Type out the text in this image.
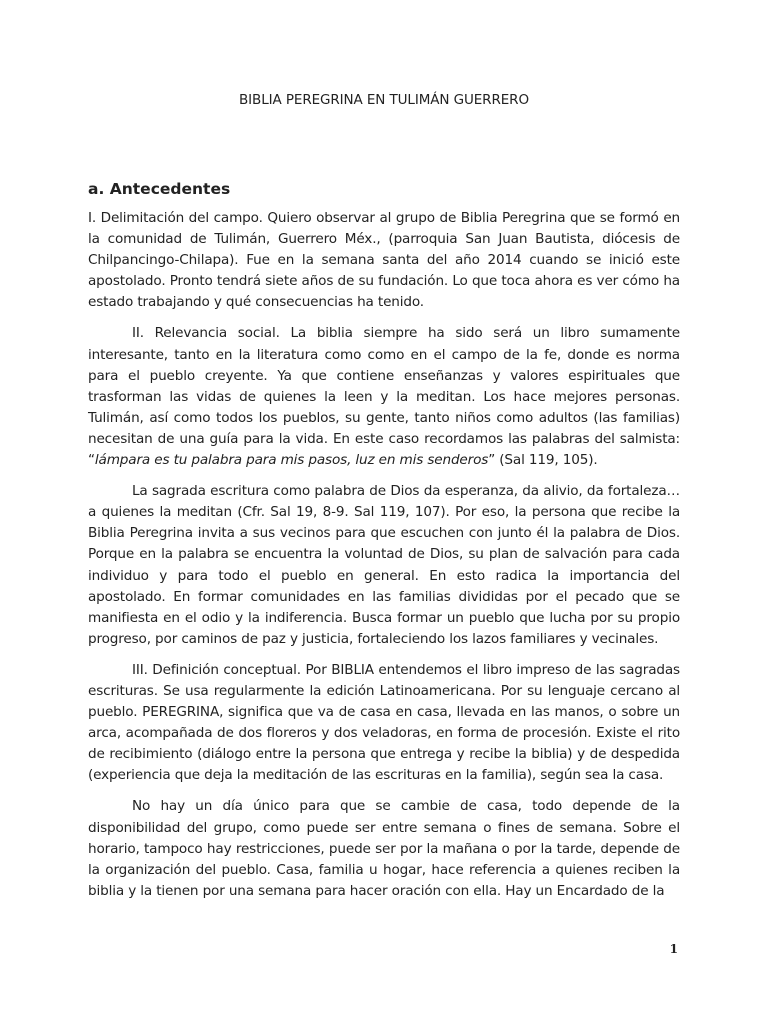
BIBLIA PEREGRINA EN TULIMÁN GUERRERO
a. Antecedentes

I. Delimitación del campo. Quiero observar al grupo de Biblia Peregrina que se formó en la comunidad de Tulimán, Guerrero Méx., (parroquia San Juan Bautista, diócesis de Chilpancingo-Chilapa). Fue en la semana santa del año 2014 cuando se inició este apostolado. Pronto tendrá siete años de su fundación. Lo que toca ahora es ver cómo ha estado trabajando y qué consecuencias ha tenido.

II. Relevancia social. La biblia siempre ha sido será un libro sumamente interesante, tanto en la literatura como como en el campo de la fe, donde es norma para el pueblo creyente. Ya que contiene enseñanzas y valores espirituales que trasforman las vidas de quienes la leen y la meditan. Los hace mejores personas. Tulimán, así como todos los pueblos, su gente, tanto niños como adultos (las familias) necesitan de una guía para la vida. En este caso recordamos las palabras del salmista: “lámpara es tu palabra para mis pasos, luz en mis senderos” (Sal 119, 105).

La sagrada escritura como palabra de Dios da esperanza, da alivio, da fortaleza…a quienes la meditan (Cfr. Sal 19, 8-9. Sal 119, 107). Por eso, la persona que recibe la Biblia Peregrina invita a sus vecinos para que escuchen con junto él la palabra de Dios. Porque en la palabra se encuentra la voluntad de Dios, su plan de salvación para cada individuo y para todo el pueblo en general. En esto radica la importancia del apostolado. En formar comunidades en las familias divididas por el pecado que se manifiesta en el odio y la indiferencia. Busca formar un pueblo que lucha por su propio progreso, por caminos de paz y justicia, fortaleciendo los lazos familiares y vecinales.

III. Definición conceptual. Por BIBLIA entendemos el libro impreso de las sagradas escrituras. Se usa regularmente la edición Latinoamericana. Por su lenguaje cercano al pueblo. PEREGRINA, significa que va de casa en casa, llevada en las manos, o sobre un arca, acompañada de dos floreros y dos veladoras, en forma de procesión. Existe el rito de recibimiento (diálogo entre la persona que entrega y recibe la biblia) y de despedida (experiencia que deja la meditación de las escrituras en la familia), según sea la casa.

No hay un día único para que se cambie de casa, todo depende de la disponibilidad del grupo, como puede ser entre semana o fines de semana. Sobre el horario, tampoco hay restricciones, puede ser por la mañana o por la tarde, depende de la organización del pueblo. Casa, familia u hogar, hace referencia a quienes reciben la biblia y la tienen por una semana para hacer oración con ella. Hay un Encardado de la

1
